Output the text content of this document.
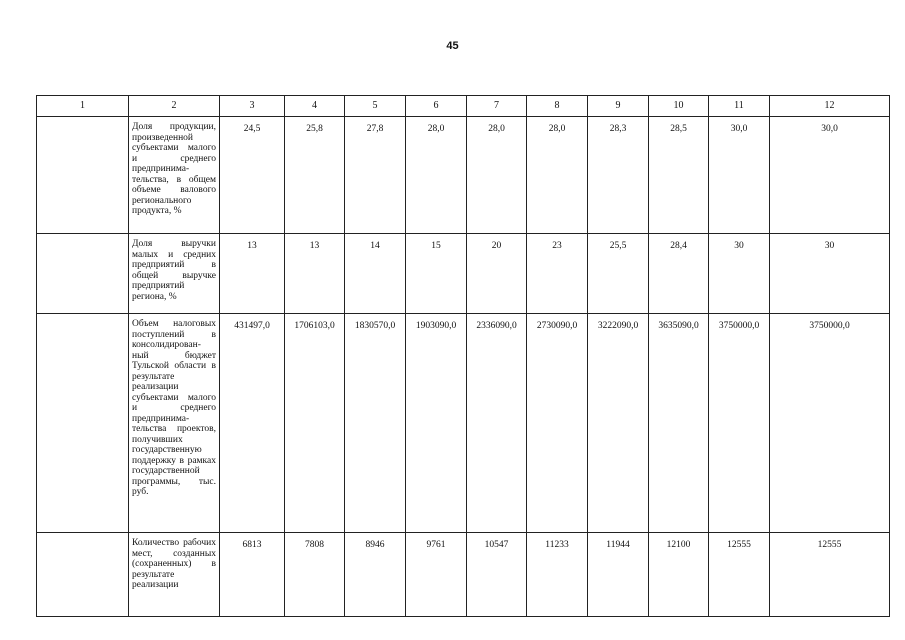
45
1	2	3	4	5	6	7	8	9	10	11	12
	Доля продукции, произведенной субъектами малого и среднего предпринима-тельства, в общем объеме валового регионального продукта, %	24,5	25,8	27,8	28,0	28,0	28,0	28,3	28,5	30,0	30,0
	Доля выручки малых и средних предприятий в общей выручке предприятий региона, %	13	13	14	15	20	23	25,5	28,4	30	30
	Объем налоговых поступлений в консолидирован-ный бюджет Тульской области в результате реализации субъектами малого и среднего предпринима-тельства проектов, получивших государственную поддержку в рамках государственной программы, тыс. руб.	431497,0	1706103,0	1830570,0	1903090,0	2336090,0	2730090,0	3222090,0	3635090,0	3750000,0	3750000,0
	Количество рабочих мест, созданных (сохраненных) в результате реализации	6813	7808	8946	9761	10547	11233	11944	12100	12555	12555
